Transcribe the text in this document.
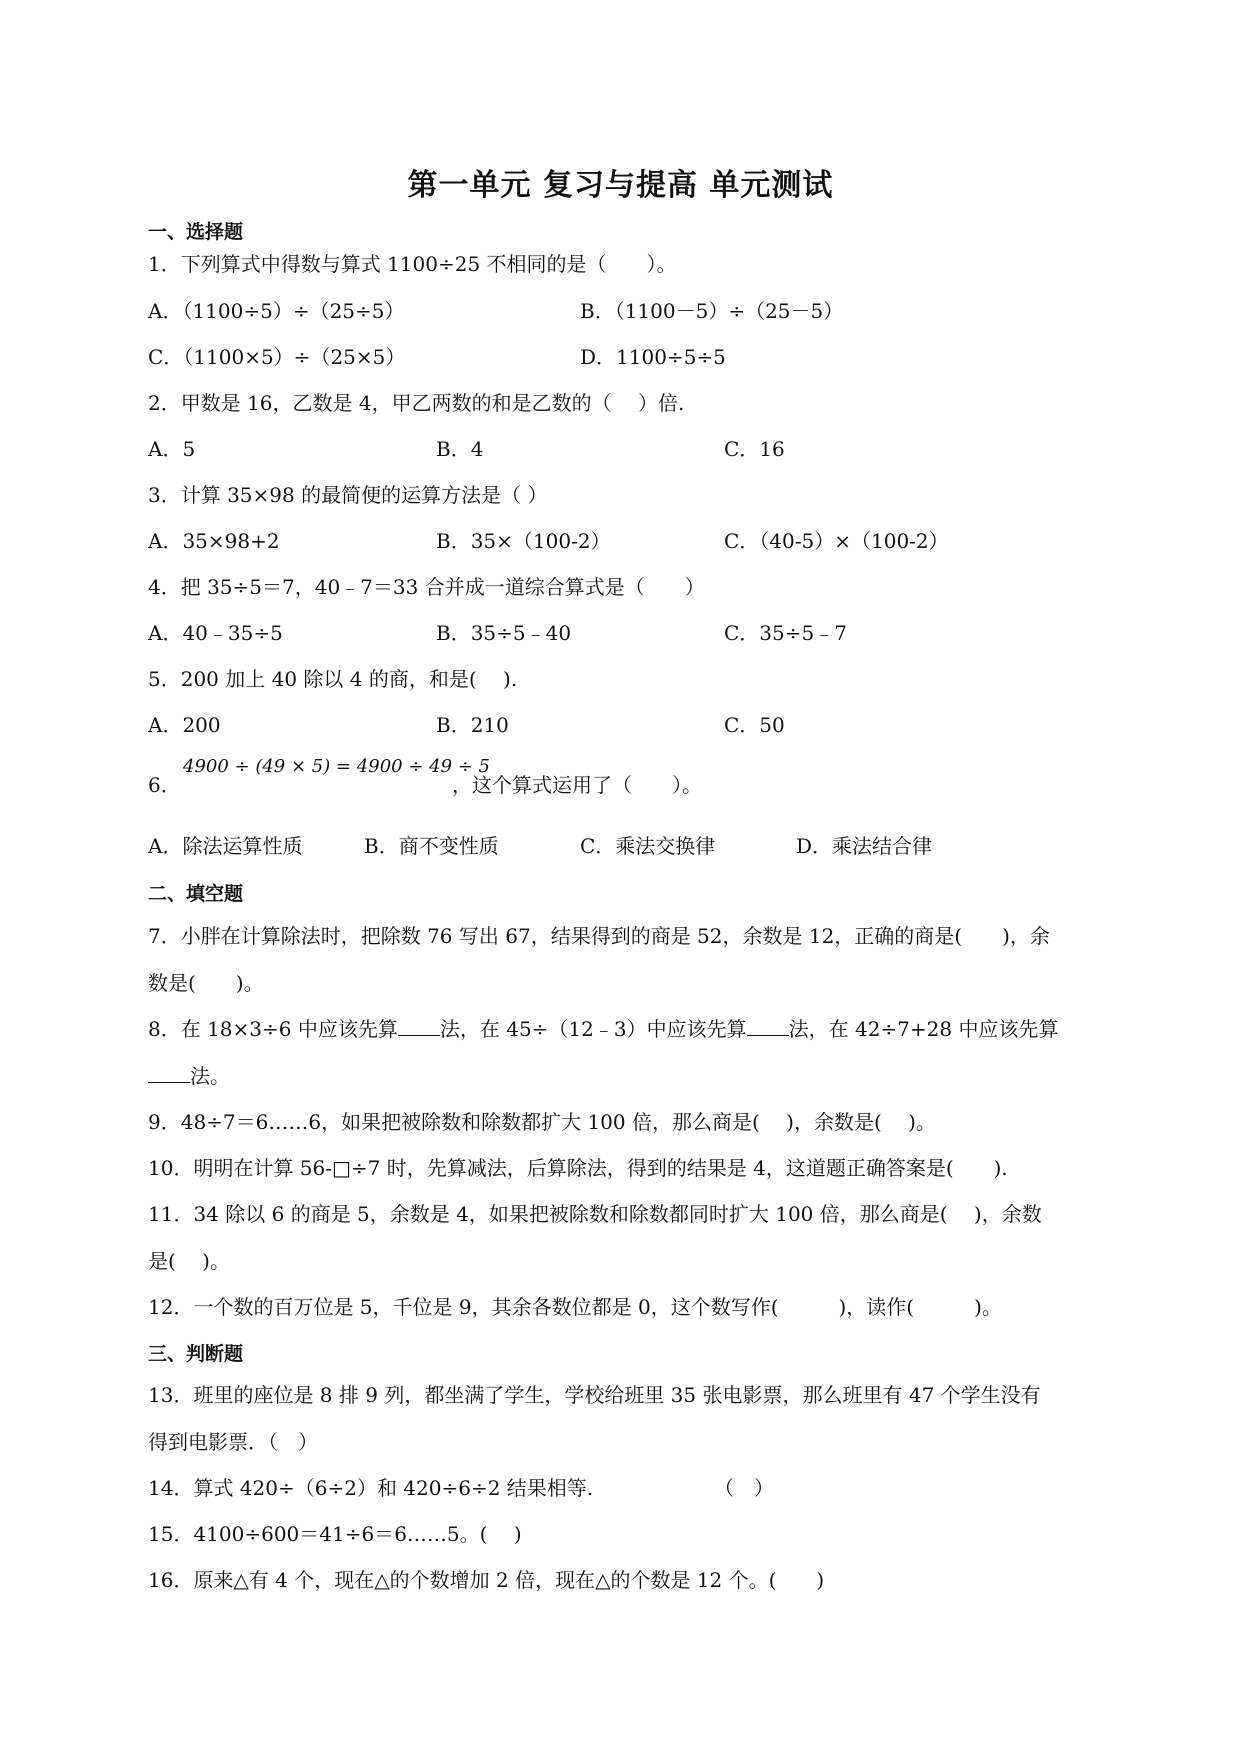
第一单元 复习与提高 单元测试
一、选择题
1．下列算式中得数与算式 1100÷25 不相同的是（　　）。
A．（1100÷5）÷（25÷5）	B．（1100－5）÷（25－5）
C．（1100×5）÷（25×5）	D．1100÷5÷5
2．甲数是 16，乙数是 4，甲乙两数的和是乙数的（　 ）倍.
A．5	B．4	C．16
3．计算 35×98 的最简便的运算方法是（ ）
A．35×98+2	B．35×（100-2）	C．（40-5）×（100-2）
4．把 35÷5＝7，40﹣7＝33 合并成一道综合算式是（　　）
A．40﹣35÷5	B．35÷5﹣40	C．35÷5﹣7
5．200 加上 40 除以 4 的商，和是(　 ).
A．200	B．210	C．50
6．
4900 ÷ (49 × 5) = 4900 ÷ 49 ÷ 5
，这个算式运用了（　　）。
A．除法运算性质	B．商不变性质	C．乘法交换律	D．乘法结合律
二、填空题
7．小胖在计算除法时，把除数 76 写出 67，结果得到的商是 52，余数是 12，正确的商是(　　)，余
数是(　　)。
8．在 18×3÷6 中应该先算 法，在 45÷（12﹣3）中应该先算 法，在 42÷7+28 中应该先算
法。
9．48÷7＝6……6，如果把被除数和除数都扩大 100 倍，那么商是(　 )，余数是(　 )。
10．明明在计算 56-□÷7 时，先算减法，后算除法，得到的结果是 4，这道题正确答案是(　　).
11．34 除以 6 的商是 5，余数是 4，如果把被除数和除数都同时扩大 100 倍，那么商是(　 )，余数
是(　 )。
12．一个数的百万位是 5，千位是 9，其余各数位都是 0，这个数写作(　　　)，读作(　　　)。
三、判断题
13．班里的座位是 8 排 9 列，都坐满了学生，学校给班里 35 张电影票，那么班里有 47 个学生没有
得到电影票．（　）
14．算式 420÷（6÷2）和 420÷6÷2 结果相等.	（　）
15．4100÷600＝41÷6＝6……5。(　 )
16．原来△有 4 个，现在△的个数增加 2 倍，现在△的个数是 12 个。(　　)
